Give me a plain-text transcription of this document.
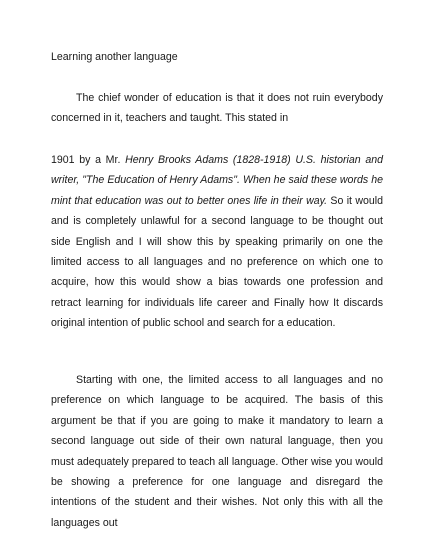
Learning another language

The chief wonder of education is that it does not ruin everybody concerned in it, teachers and taught. This stated in

1901 by a Mr. Henry Brooks Adams (1828-1918) U.S. historian and writer, "The Education of Henry Adams". When he said these words he mint that education was out to better ones life in their way. So it would and is completely unlawful for a second language to be thought out side English and I will show this by speaking primarily on one the limited access to all languages and no preference on which one to acquire, how this would show a bias towards one profession and retract learning for individuals life career and Finally how It discards original intention of public school and search for a education.

Starting with one, the limited access to all languages and no preference on which language to be acquired. The basis of this argument be that if you are going to make it mandatory to learn a second language out side of their own natural language, then you must adequately prepared to teach all language. Other wise you would be showing a preference for one language and disregard the intentions of the student and their wishes. Not only this with all the languages out
